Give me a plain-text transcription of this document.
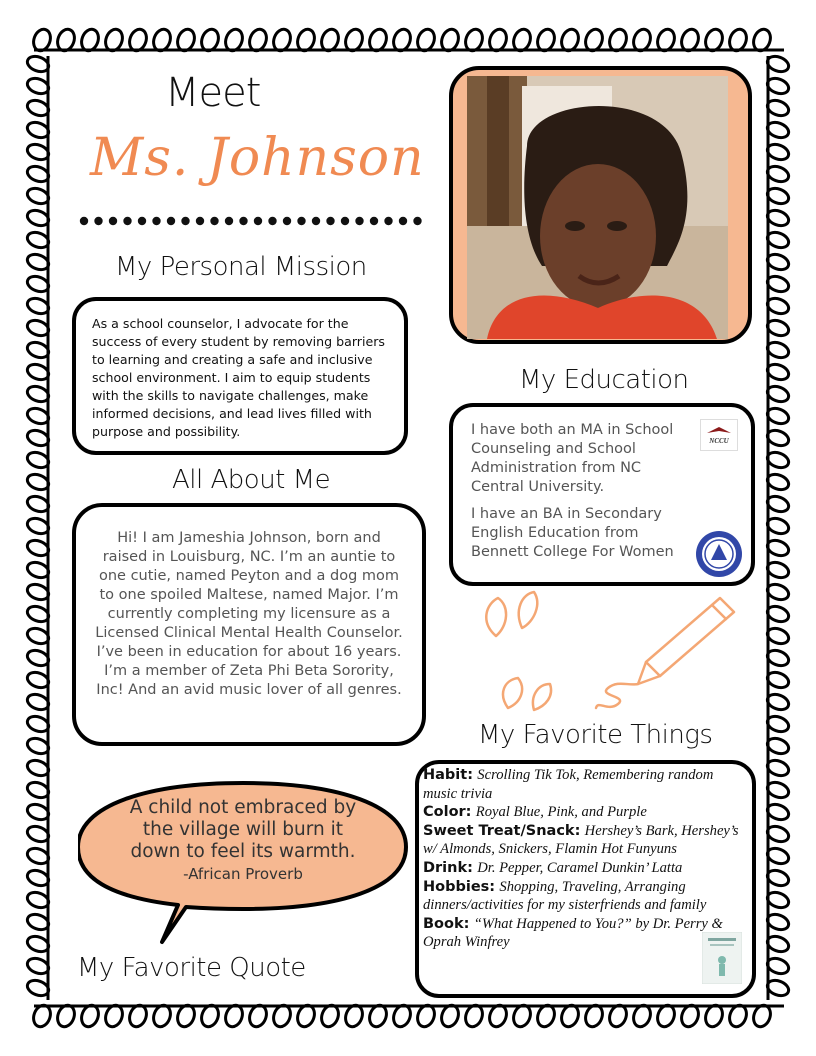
Meet
Ms. Johnson
My Personal Mission
As a school counselor, I advocate for the success of every student by removing barriers to learning and creating a safe and inclusive school environment. I aim to equip students with the skills to navigate challenges, make informed decisions, and lead lives filled with purpose and possibility.
All About Me
Hi! I am Jameshia Johnson, born and raised in Louisburg, NC. I’m an auntie to one cutie, named Peyton and a dog mom to one spoiled Maltese, named Major. I’m currently completing my licensure as a Licensed Clinical Mental Health Counselor. I’ve been in education for about 16 years. I’m a member of Zeta Phi Beta Sorority, Inc! And an avid music lover of all genres.
My Education

I have both an MA in School Counseling and School Administration from NC Central University.

I have an BA in Secondary English Education from Bennett College For Women

NCCU
My Favorite Things
Habit: Scrolling Tik Tok, Remembering random music trivia
Color: Royal Blue, Pink, and Purple
Sweet Treat/Snack: Hershey’s Bark, Hershey’s w/ Almonds, Snickers, Flamin Hot Funyuns
Drink: Dr. Pepper, Caramel Dunkin’ Latta
Hobbies: Shopping, Traveling, Arranging dinners/activities for my sisterfriends and family
Book: “What Happened to You?” by Dr. Perry & Oprah Winfrey
A child not embraced by the village will burn it down to feel its warmth.
-African Proverb
My Favorite Quote
